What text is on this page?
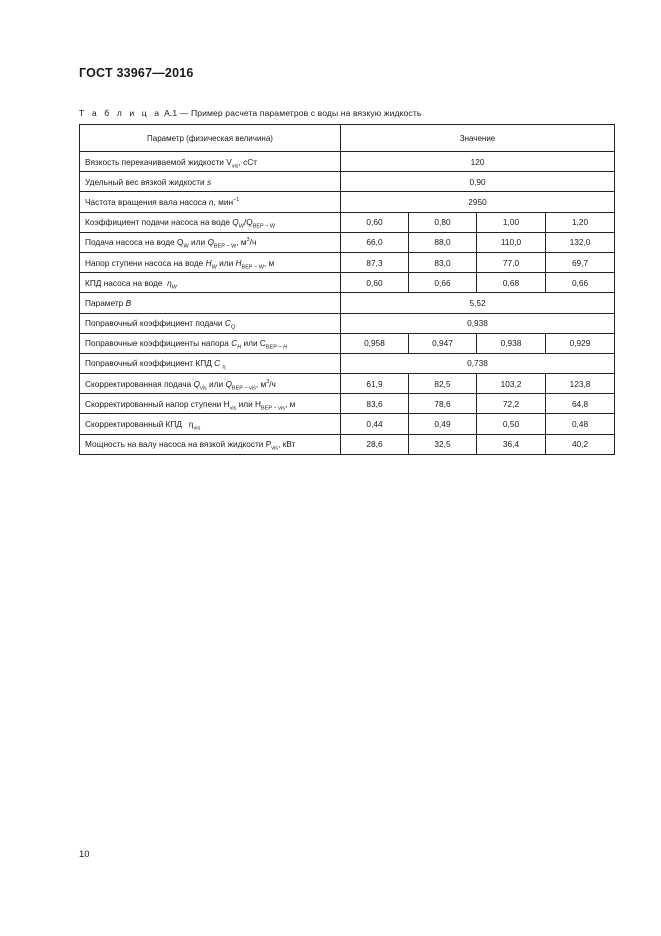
ГОСТ 33967—2016
Т а б л и ц а А.1 — Пример расчета параметров с воды на вязкую жидкость
Параметр (физическая величина)	Значение			
Вязкость перекачиваемой жидкости $V_{vis}$, сСт	120			
Удельный вес вязкой жидкости s	0,90			
Частота вращения вала насоса n, мин$^{-1}$	2950			
Коэффициент подачи насоса на воде $Q_W/Q_{BEP - W}$	0,60	0,80	1,00	1,20
Подача насоса на воде $Q_W$ или $Q_{BEP - W}$, $м^3/ч$	66,0	88,0	110,0	132,0
Напор ступени насоса на воде $H_W$ или $H_{BEP - W}$, м	87,3	83,0	77,0	69,7
КПД насоса на воде  $\eta_W$	0,60	0,66	0,68	0,66
Параметр B	5,52			
Поправочный коэффициент подачи $C_Q$	0,938			
Поправочные коэффициенты напора $C_H$ или $C_{BEP - H}$	0,958	0,947	0,938	0,929
Поправочный коэффициент КПД C $_\eta$	0,738			
Скорректированная подача $Q_{vis}$ или $Q_{BEP - vis}$, $м^3/ч$	61,9	82,5	103,2	123,8
Скорректированный напор ступени $H_{vis}$ или $H_{BEP - vis}$, м	83,6	78,6	72,2	64,8
Скорректированный КПД   $\eta_{vis}$	0,44	0,49	0,50	0,48
Мощность на валу насоса на вязкой жидкости $P_{vis}$, кВт	28,6	32,5	36,4	40,2
10
